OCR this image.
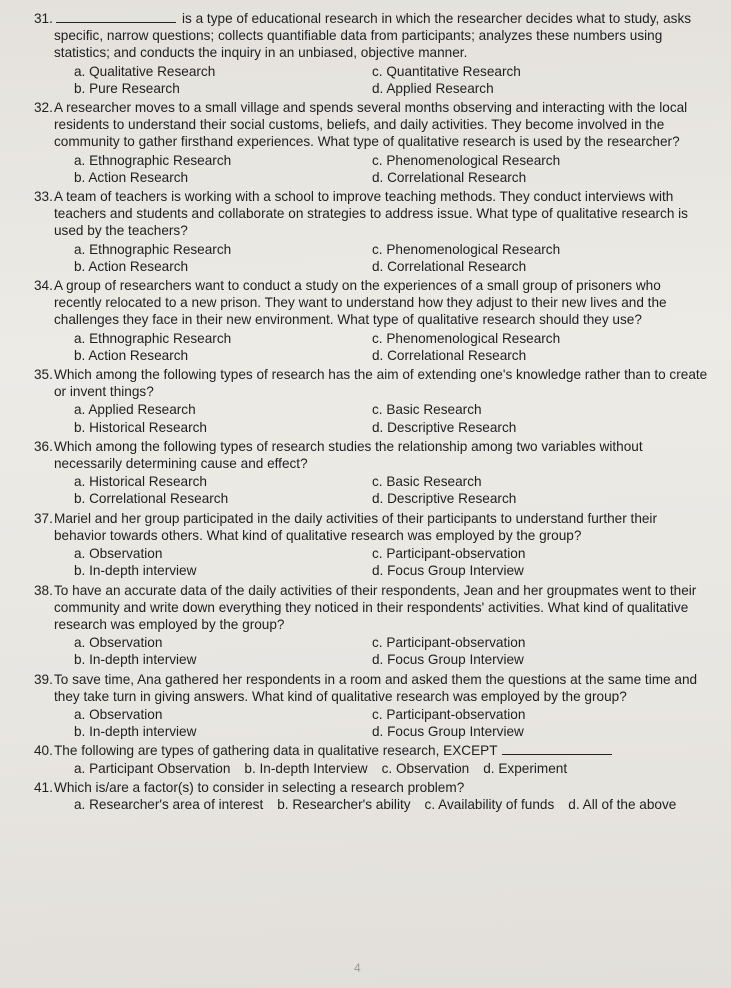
31.	is a type of educational research in which the researcher decides what to study, asks specific, narrow questions; collects quantifiable data from participants; analyzes these numbers using statistics; and conducts the inquiry in an unbiased, objective manner.
a. Qualitative Research	c. Quantitative Research
b. Pure Research	d. Applied Research
32. A researcher moves to a small village and spends several months observing and interacting with the local residents to understand their social customs, beliefs, and daily activities. They become involved in the community to gather firsthand experiences. What type of qualitative research is used by the researcher?
a. Ethnographic Research	c. Phenomenological Research
b. Action Research	d. Correlational Research
33. A team of teachers is working with a school to improve teaching methods. They conduct interviews with teachers and students and collaborate on strategies to address issue. What type of qualitative research is used by the teachers?
a. Ethnographic Research	c. Phenomenological Research
b. Action Research	d. Correlational Research
34. A group of researchers want to conduct a study on the experiences of a small group of prisoners who recently relocated to a new prison. They want to understand how they adjust to their new lives and the challenges they face in their new environment. What type of qualitative research should they use?
a. Ethnographic Research	c. Phenomenological Research
b. Action Research	d. Correlational Research
35. Which among the following types of research has the aim of extending one's knowledge rather than to create or invent things?
a. Applied Research	c. Basic Research
b. Historical Research	d. Descriptive Research
36. Which among the following types of research studies the relationship among two variables without necessarily determining cause and effect?
a. Historical Research	c. Basic Research
b. Correlational Research	d. Descriptive Research
37. Mariel and her group participated in the daily activities of their participants to understand further their behavior towards others. What kind of qualitative research was employed by the group?
a. Observation	c. Participant-observation
b. In-depth interview	d. Focus Group Interview
38. To have an accurate data of the daily activities of their respondents, Jean and her groupmates went to their community and write down everything they noticed in their respondents' activities. What kind of qualitative research was employed by the group?
a. Observation	c. Participant-observation
b. In-depth interview	d. Focus Group Interview
39. To save time, Ana gathered her respondents in a room and asked them the questions at the same time and they take turn in giving answers. What kind of qualitative research was employed by the group?
a. Observation	c. Participant-observation
b. In-depth interview	d. Focus Group Interview
40. The following are types of gathering data in qualitative research, EXCEPT
a. Participant Observation b. In-depth Interview c. Observation d. Experiment
41. Which is/are a factor(s) to consider in selecting a research problem?
a. Researcher's area of interest b. Researcher's ability c. Availability of funds d. All of the above
4
